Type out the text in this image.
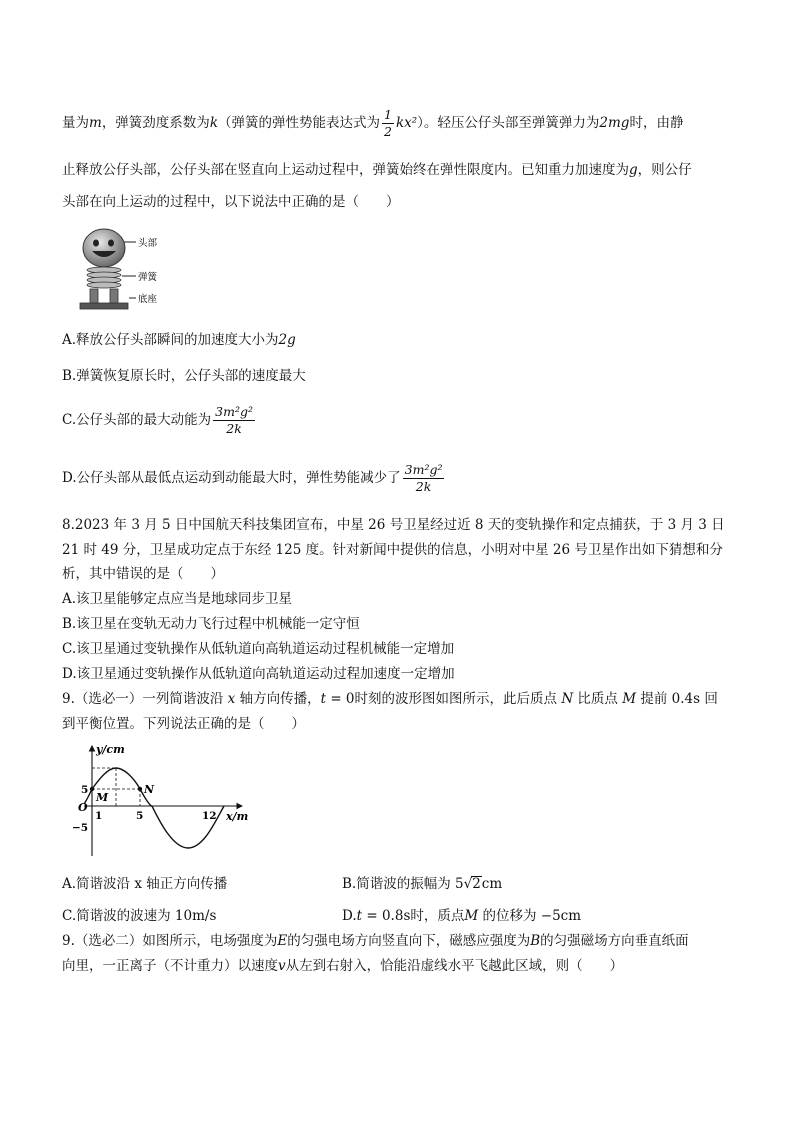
量为m，弹簧劲度系数为k（弹簧的弹性势能表达式为 $\frac{1}{2} kx^2$）。轻压公仔头部至弹簧弹力为2mg时，由静
止释放公仔头部，公仔头部在竖直向上运动过程中，弹簧始终在弹性限度内。已知重力加速度为g，则公仔
头部在向上运动的过程中，以下说法中正确的是（　　）
头部
弹簧
底座
A.释放公仔头部瞬间的加速度大小为2g
B.弹簧恢复原长时，公仔头部的速度最大
C.公仔头部的最大动能为 $\frac{\text{3m²g²}}{2k}$
D.公仔头部从最低点运动到动能最大时，弹性势能减少了 $\frac{\text{3m²g²}}{2k}$
8.2023 年 3 月 5 日中国航天科技集团宣布，中星 26 号卫星经过近 8 天的变轨操作和定点捕获，于 3 月 3 日
21 时 49 分，卫星成功定点于东经 125 度。针对新闻中提供的信息，小明对中星 26 号卫星作出如下猜想和分
析，其中错误的是（　　）
A.该卫星能够定点应当是地球同步卫星
B.该卫星在变轨无动力飞行过程中机械能一定守恒
C.该卫星通过变轨操作从低轨道向高轨道运动过程机械能一定增加
D.该卫星通过变轨操作从低轨道向高轨道运动过程加速度一定增加
9.（选必一）一列简谐波沿 x 轴方向传播，t = 0时刻的波形图如图所示，此后质点 N 比质点 M 提前 0.4s 回
到平衡位置。下列说法正确的是（　　）
y/cm
x/m
O
5
−5
1	5	12
M
N
A.简谐波沿 x 轴正方向传播	B.简谐波的振幅为 5√2cm
C.简谐波的波速为 10m/s	D.t = 0.8s时，质点M 的位移为 −5cm
9.（选必二）如图所示，电场强度为E的匀强电场方向竖直向下，磁感应强度为B的匀强磁场方向垂直纸面
向里，一正离子（不计重力）以速度v从左到右射入，恰能沿虚线水平飞越此区域，则（　　）
